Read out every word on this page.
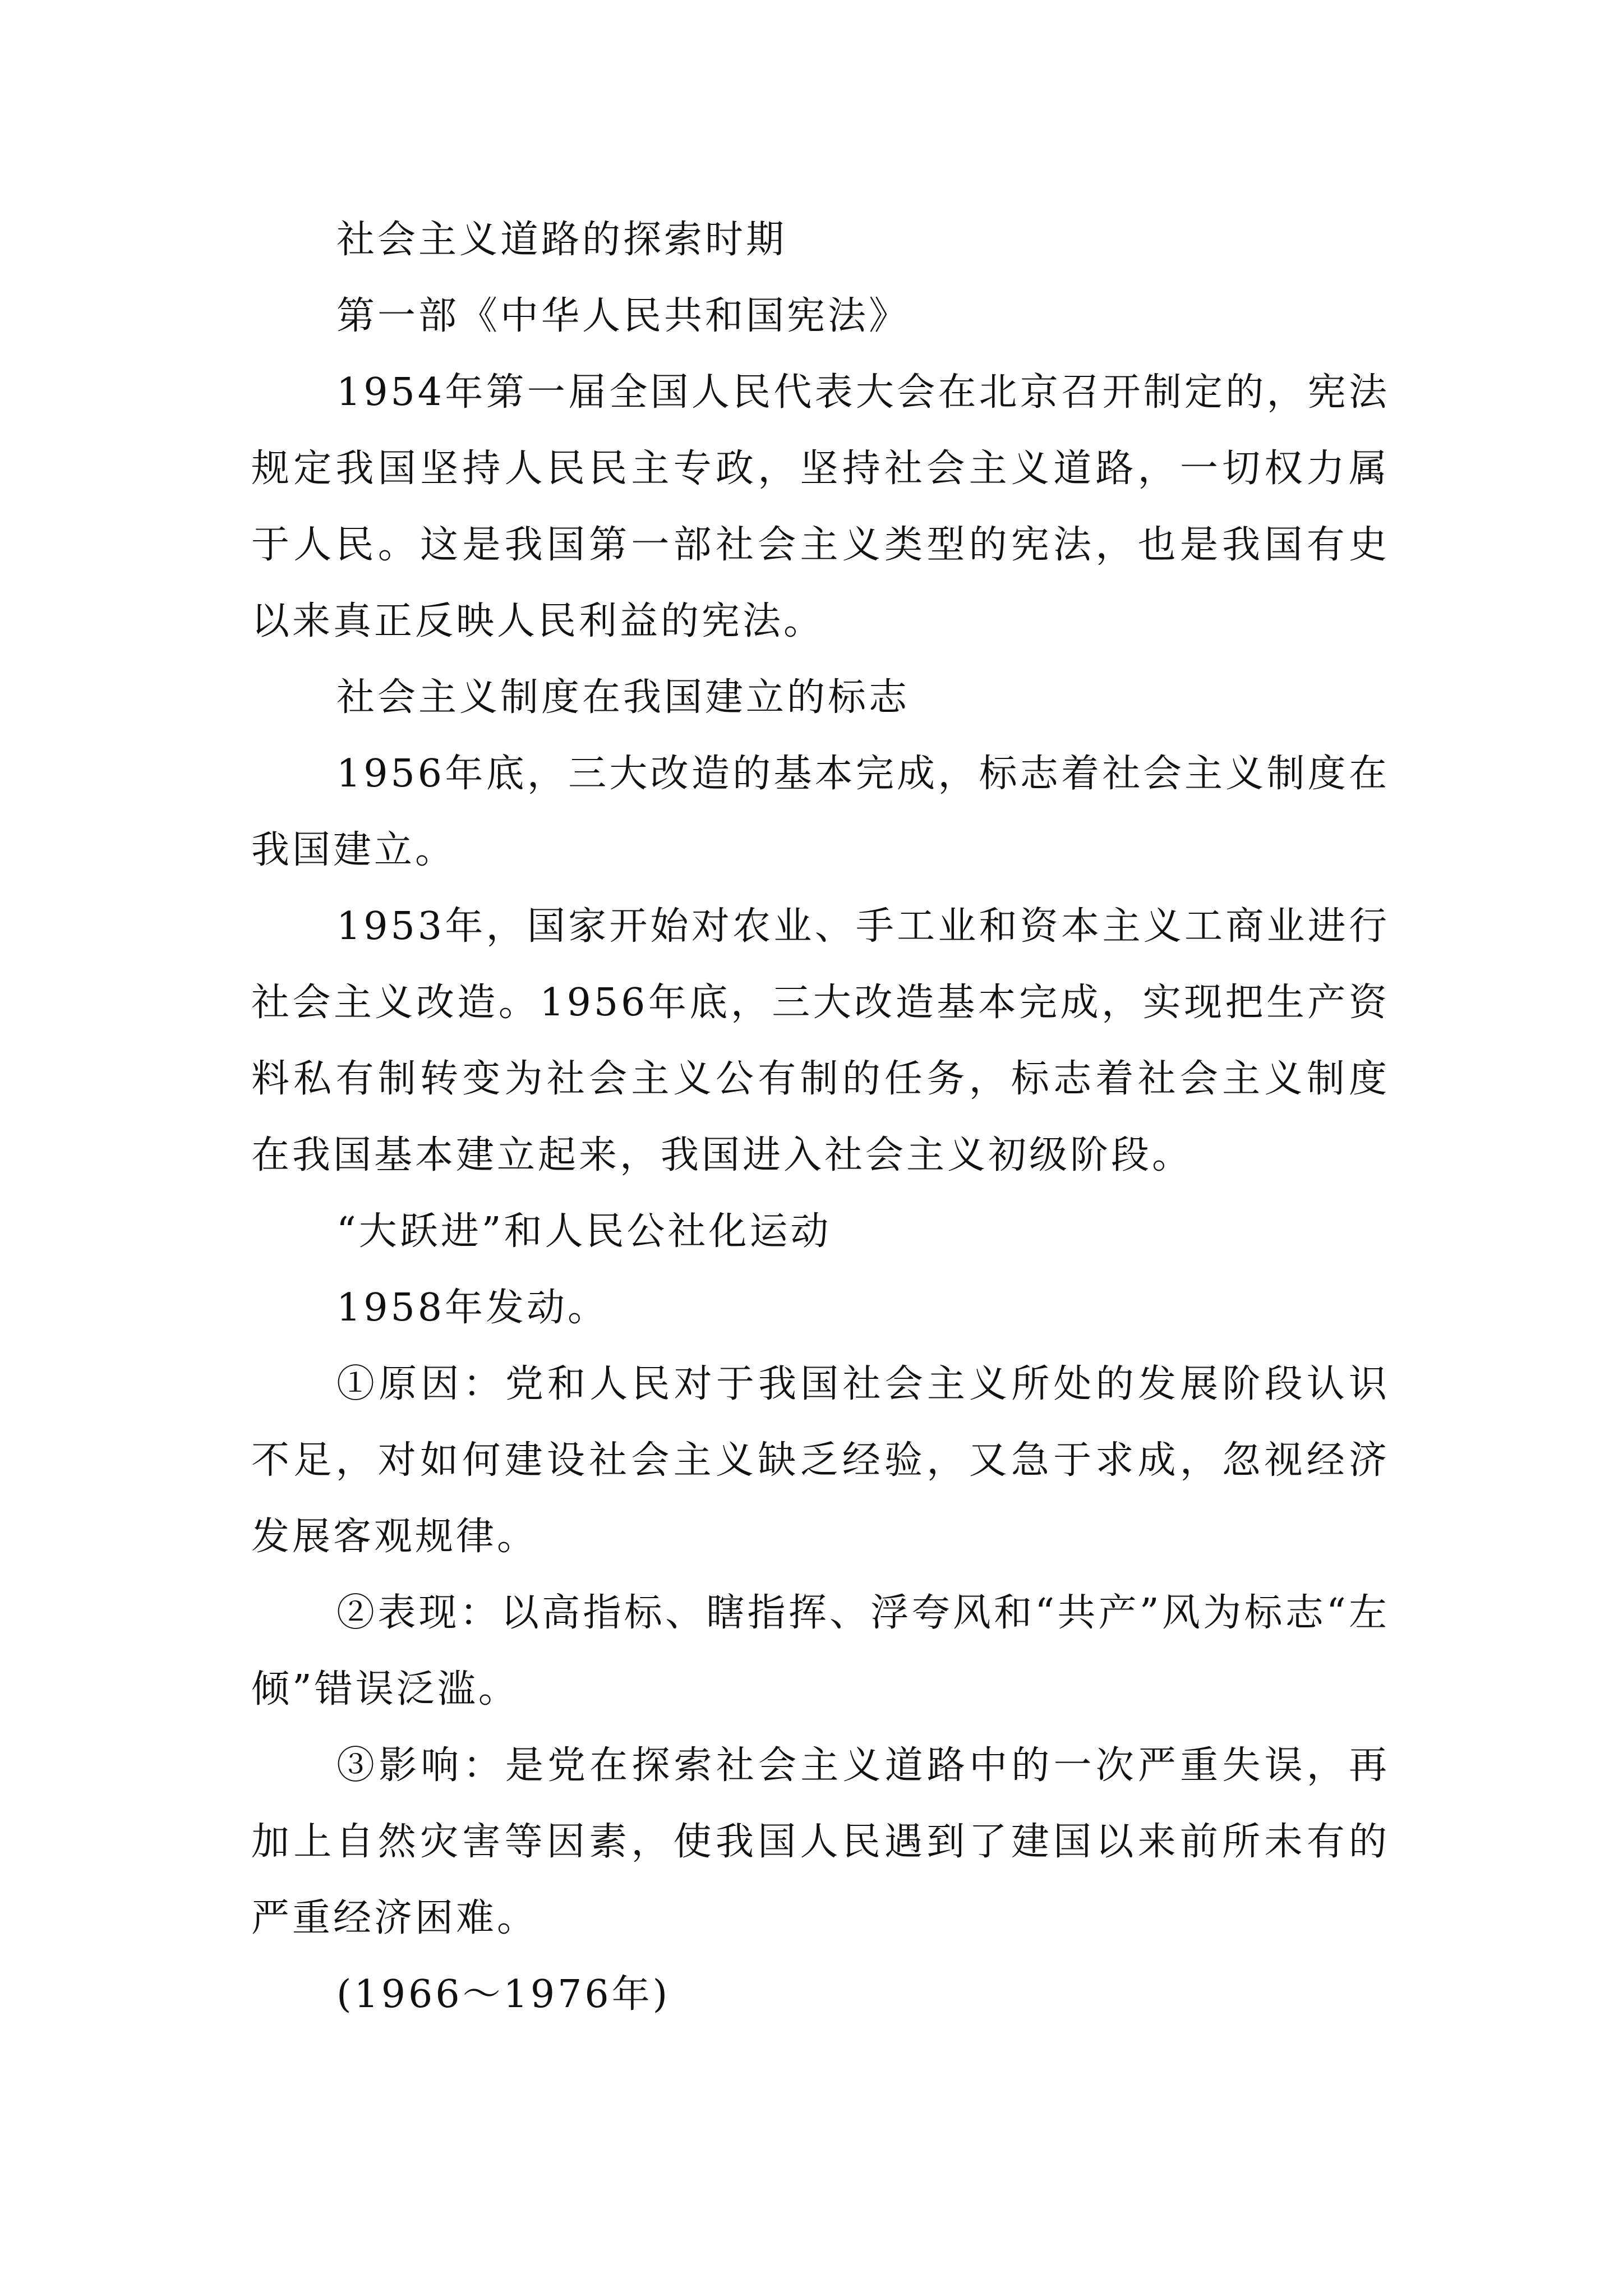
社会主义道路的探索时期

第一部《中华人民共和国宪法》

1954年第一届全国人民代表大会在北京召开制定的，宪法规定我国坚持人民民主专政，坚持社会主义道路，一切权力属于人民。这是我国第一部社会主义类型的宪法，也是我国有史以来真正反映人民利益的宪法。

社会主义制度在我国建立的标志

1956年底，三大改造的基本完成，标志着社会主义制度在我国建立。

1953年，国家开始对农业、手工业和资本主义工商业进行社会主义改造。1956年底，三大改造基本完成，实现把生产资料私有制转变为社会主义公有制的任务，标志着社会主义制度在我国基本建立起来，我国进入社会主义初级阶段。

“大跃进”和人民公社化运动

1958年发动。

①原因：党和人民对于我国社会主义所处的发展阶段认识不足，对如何建设社会主义缺乏经验，又急于求成，忽视经济发展客观规律。

②表现：以高指标、瞎指挥、浮夸风和“共产”风为标志“左倾”错误泛滥。

③影响：是党在探索社会主义道路中的一次严重失误，再加上自然灾害等因素，使我国人民遇到了建国以来前所未有的严重经济困难。

(1966～1976年)
